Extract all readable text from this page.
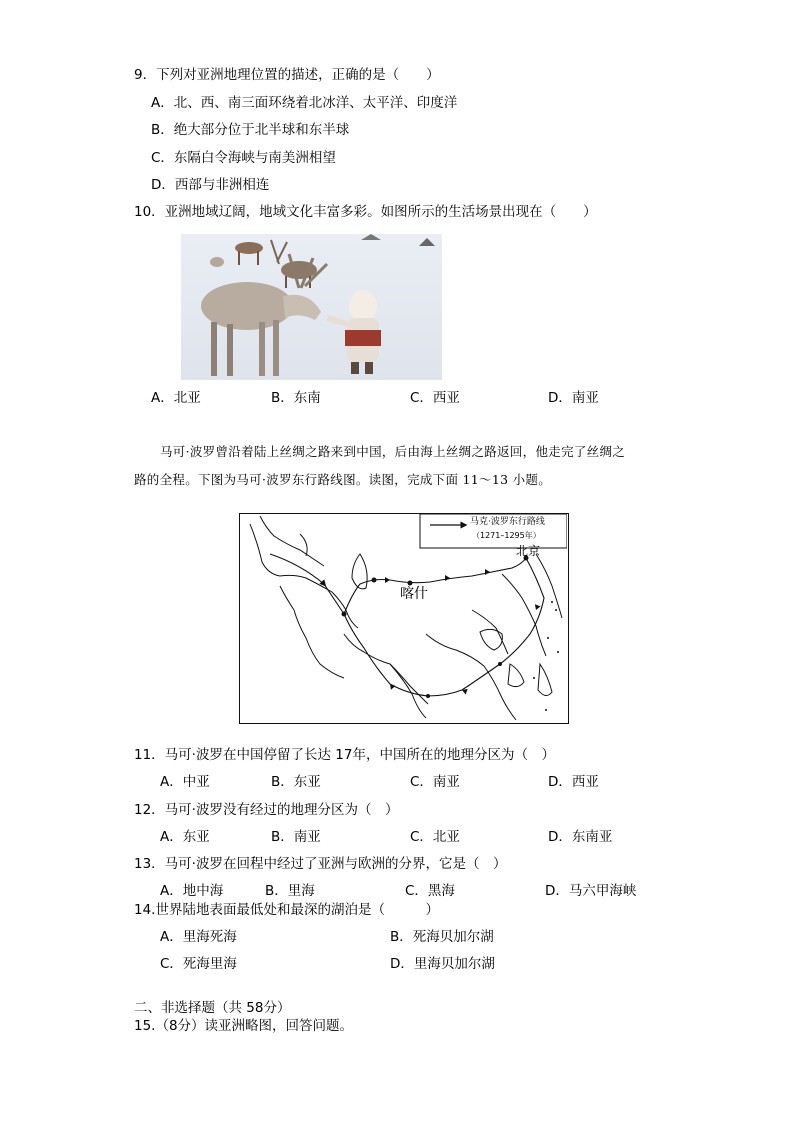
9．下列对亚洲地理位置的描述，正确的是（　　）
A．北、西、南三面环绕着北冰洋、太平洋、印度洋
B．绝大部分位于北半球和东半球
C．东隔白令海峡与南美洲相望
D．西部与非洲相连
10．亚洲地域辽阔，地域文化丰富多彩。如图所示的生活场景出现在（　　）
A．北亚	B．东南	C．西亚	D．南亚
马可·波罗曾沿着陆上丝绸之路来到中国，后由海上丝绸之路返回，他走完了丝绸之
路的全程。下图为马可·波罗东行路线图。读图，完成下面 11～13 小题。
马克·波罗东行路线
（1271–1295年）
北京
喀什
11．马可·波罗在中国停留了长达 17年，中国所在的地理分区为（　）
A．中亚	B．东亚	C．南亚	D．西亚
12．马可·波罗没有经过的地理分区为（　）
A．东亚	B．南亚	C．北亚	D．东南亚
13．马可·波罗在回程中经过了亚洲与欧洲的分界，它是（　）
A．地中海	B．里海	C．黑海	D．马六甲海峡
14.世界陆地表面最低处和最深的湖泊是（　　　）
A．里海死海	B．死海贝加尔湖
C．死海里海	D．里海贝加尔湖
二、非选择题（共 58分）
15.（8分）读亚洲略图，回答问题。
